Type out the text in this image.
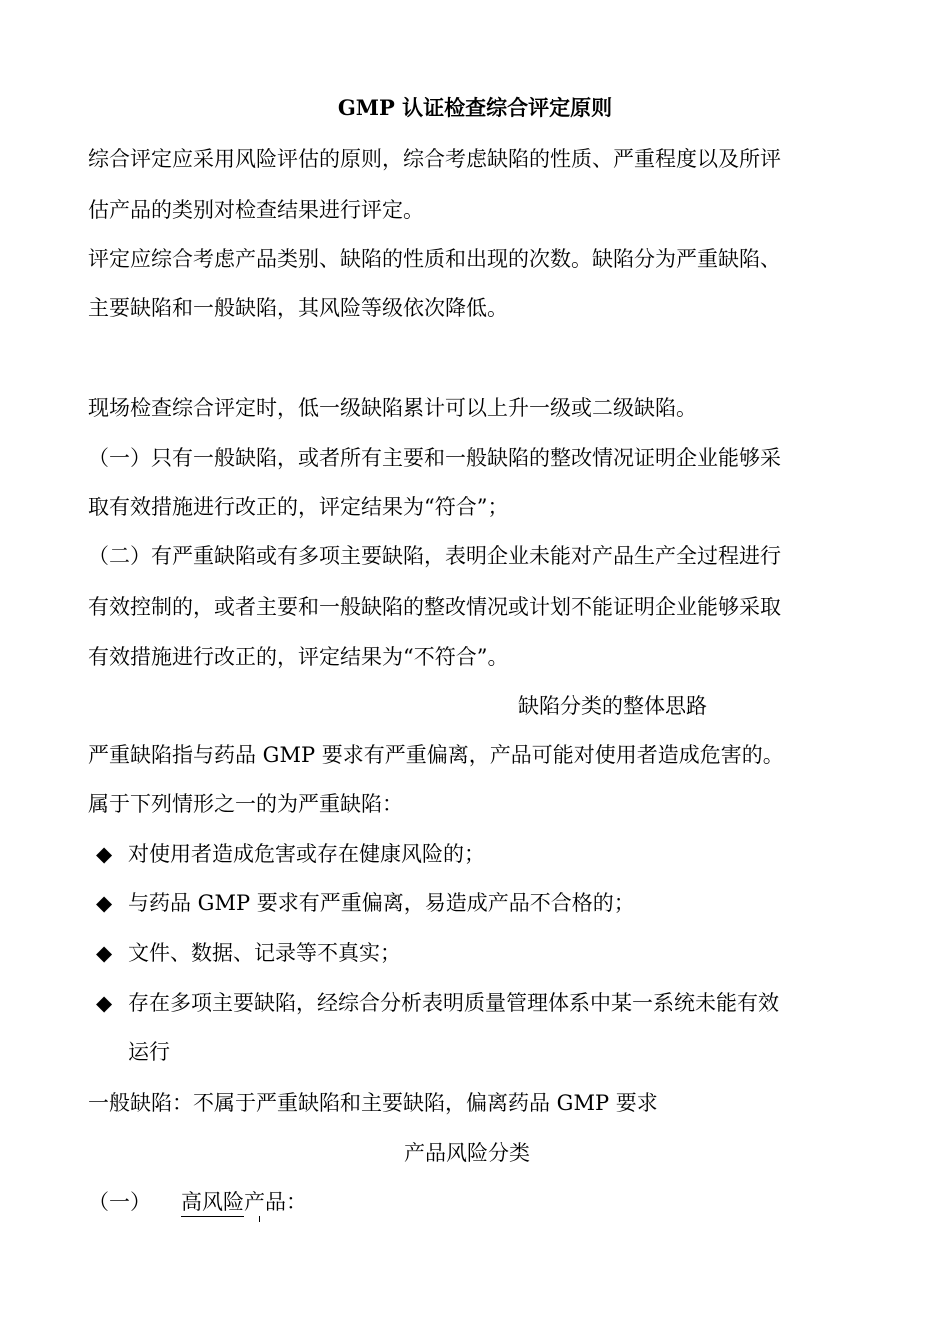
GMP 认证检查综合评定原则
综合评定应采用风险评估的原则，综合考虑缺陷的性质、严重程度以及所评
估产品的类别对检查结果进行评定。
评定应综合考虑产品类别、缺陷的性质和出现的次数。缺陷分为严重缺陷、
主要缺陷和一般缺陷，其风险等级依次降低。
现场检查综合评定时，低一级缺陷累计可以上升一级或二级缺陷。
（一）只有一般缺陷，或者所有主要和一般缺陷的整改情况证明企业能够采
取有效措施进行改正的，评定结果为“符合”；
（二）有严重缺陷或有多项主要缺陷，表明企业未能对产品生产全过程进行
有效控制的，或者主要和一般缺陷的整改情况或计划不能证明企业能够采取
有效措施进行改正的，评定结果为“不符合”。
缺陷分类的整体思路
严重缺陷指与药品 GMP 要求有严重偏离，产品可能对使用者造成危害的。
属于下列情形之一的为严重缺陷：
◆ 对使用者造成危害或存在健康风险的；
◆ 与药品 GMP 要求有严重偏离，易造成产品不合格的；
◆ 文件、数据、记录等不真实；
◆ 存在多项主要缺陷，经综合分析表明质量管理体系中某一系统未能有效
运行
一般缺陷：不属于严重缺陷和主要缺陷，偏离药品 GMP 要求
产品风险分类
（一） 高风险产品：
